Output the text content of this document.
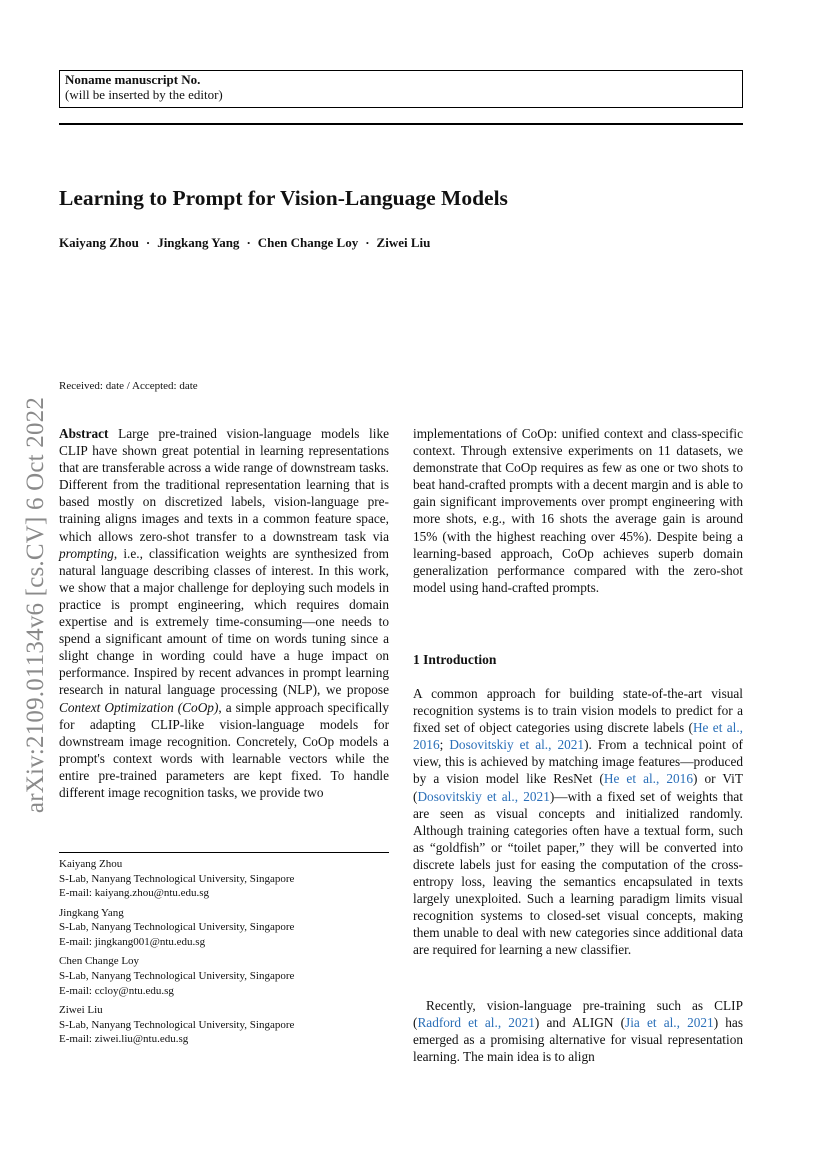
arXiv:2109.01134v6 [cs.CV] 6 Oct 2022
Noname manuscript No.
(will be inserted by the editor)
Learning to Prompt for Vision-Language Models
Kaiyang Zhou · Jingkang Yang · Chen Change Loy · Ziwei Liu
Received: date / Accepted: date
Abstract Large pre-trained vision-language models like CLIP have shown great potential in learning representations that are transferable across a wide range of downstream tasks. Different from the traditional representation learning that is based mostly on discretized labels, vision-language pre-training aligns images and texts in a common feature space, which allows zero-shot transfer to a downstream task via prompting, i.e., classification weights are synthesized from natural language describing classes of interest. In this work, we show that a major challenge for deploying such models in practice is prompt engineering, which requires domain expertise and is extremely time-consuming—one needs to spend a significant amount of time on words tuning since a slight change in wording could have a huge impact on performance. Inspired by recent advances in prompt learning research in natural language processing (NLP), we propose Context Optimization (CoOp), a simple approach specifically for adapting CLIP-like vision-language models for downstream image recognition. Concretely, CoOp models a prompt's context words with learnable vectors while the entire pre-trained parameters are kept fixed. To handle different image recognition tasks, we provide two
implementations of CoOp: unified context and class-specific context. Through extensive experiments on 11 datasets, we demonstrate that CoOp requires as few as one or two shots to beat hand-crafted prompts with a decent margin and is able to gain significant improvements over prompt engineering with more shots, e.g., with 16 shots the average gain is around 15% (with the highest reaching over 45%). Despite being a learning-based approach, CoOp achieves superb domain generalization performance compared with the zero-shot model using hand-crafted prompts.
1 Introduction
A common approach for building state-of-the-art visual recognition systems is to train vision models to predict for a fixed set of object categories using discrete labels (He et al., 2016; Dosovitskiy et al., 2021). From a technical point of view, this is achieved by matching image features—produced by a vision model like ResNet (He et al., 2016) or ViT (Dosovitskiy et al., 2021)—with a fixed set of weights that are seen as visual concepts and initialized randomly. Although training categories often have a textual form, such as “goldfish” or “toilet paper,” they will be converted into discrete labels just for easing the computation of the cross-entropy loss, leaving the semantics encapsulated in texts largely unexploited. Such a learning paradigm limits visual recognition systems to closed-set visual concepts, making them unable to deal with new categories since additional data are required for learning a new classifier.
Recently, vision-language pre-training such as CLIP (Radford et al., 2021) and ALIGN (Jia et al., 2021) has emerged as a promising alternative for visual representation learning. The main idea is to align
Kaiyang Zhou
S-Lab, Nanyang Technological University, Singapore
E-mail: kaiyang.zhou@ntu.edu.sg
Jingkang Yang
S-Lab, Nanyang Technological University, Singapore
E-mail: jingkang001@ntu.edu.sg
Chen Change Loy
S-Lab, Nanyang Technological University, Singapore
E-mail: ccloy@ntu.edu.sg
Ziwei Liu
S-Lab, Nanyang Technological University, Singapore
E-mail: ziwei.liu@ntu.edu.sg
